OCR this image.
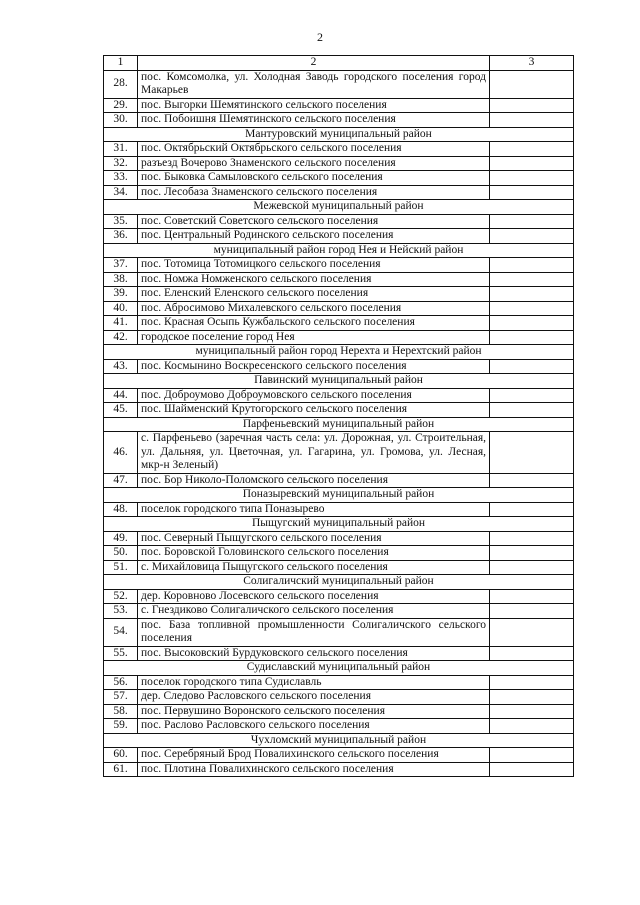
2
1	2	3
28.	пос. Комсомолка, ул. Холодная Заводь городского поселения город Макарьев	
29.	пос. Выгорки Шемятинского сельского поселения	
30.	пос. Побоишня Шемятинского сельского поселения	
Мантуровский муниципальный район		
31.	пос. Октябрьский Октябрьского сельского поселения	
32.	разъезд Вочерово Знаменского сельского поселения	
33.	пос. Быковка Самыловского сельского поселения	
34.	пос. Лесобаза Знаменского сельского поселения	
Межевской муниципальный район		
35.	пос. Советский Советского сельского поселения	
36.	пос. Центральный Родинского сельского поселения	
муниципальный район город Нея и Нейский район		
37.	пос. Тотомица Тотомицкого сельского поселения	
38.	пос. Номжа Номженского сельского поселения	
39.	пос. Еленский Еленского сельского поселения	
40.	пос. Абросимово Михалевского сельского поселения	
41.	пос. Красная Осыпь Кужбальского сельского поселения	
42.	городское поселение город Нея	
муниципальный район город Нерехта и Нерехтский район		
43.	пос. Космынино Воскресенского сельского поселения	
Павинский муниципальный район		
44.	пос. Доброумово Доброумовского сельского поселения	
45.	пос. Шайменский Крутогорского сельского поселения	
Парфеньевский муниципальный район		
46.	с. Парфеньево (заречная часть села: ул. Дорожная, ул. Строительная, ул. Дальняя, ул. Цветочная, ул. Гагарина, ул. Громова, ул. Лесная, мкр-н Зеленый)	
47.	пос. Бор Николо-Поломского сельского поселения	
Поназыревский муниципальный район		
48.	поселок городского типа Поназырево	
Пыщугский муниципальный район		
49.	пос. Северный Пыщугского сельского поселения	
50.	пос. Боровской Головинского сельского поселения	
51.	с. Михайловица Пыщугского сельского поселения	
Солигаличский муниципальный район		
52.	дер. Коровново Лосевского сельского поселения	
53.	с. Гнездиково Солигаличского сельского поселения	
54.	пос. База топливной промышленности Солигаличского сельского поселения	
55.	пос. Высоковский Бурдуковского сельского поселения	
Судиславский муниципальный район		
56.	поселок городского типа Судиславль	
57.	дер. Следово Расловского сельского поселения	
58.	пос. Первушино Воронского сельского поселения	
59.	пос. Раслово Расловского сельского поселения	
Чухломский муниципальный район		
60.	пос. Серебряный Брод Повалихинского сельского поселения	
61.	пос. Плотина Повалихинского сельского поселения	
